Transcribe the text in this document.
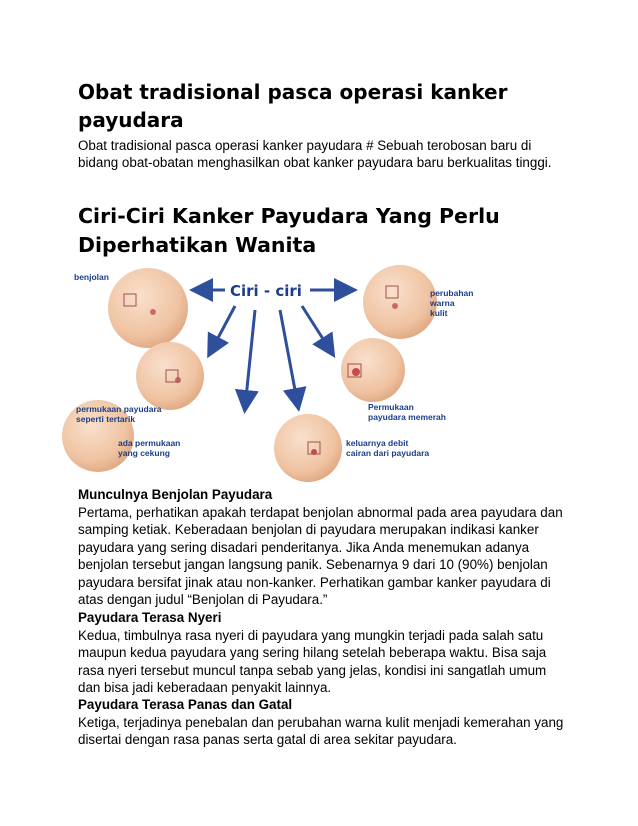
Obat tradisional pasca operasi kanker payudara

Obat tradisional pasca operasi kanker payudara # Sebuah terobosan baru di bidang obat-obatan menghasilkan obat kanker payudara baru berkualitas tinggi.

Ciri-Ciri Kanker Payudara Yang Perlu Diperhatikan Wanita
Ciri - ciri
benjolan
perubahan
warna
kulit
permukaan payudara
seperti tertarik
Permukaan
payudara memerah
ada permukaan
yang cekung
keluarnya debit
cairan dari payudara
Munculnya Benjolan Payudara

Pertama, perhatikan apakah terdapat benjolan abnormal pada area payudara dan samping ketiak. Keberadaan benjolan di payudara merupakan indikasi kanker payudara yang sering disadari penderitanya. Jika Anda menemukan adanya benjolan tersebut jangan langsung panik. Sebenarnya 9 dari 10 (90%) benjolan payudara bersifat jinak atau non-kanker. Perhatikan gambar kanker payudara di atas dengan judul “Benjolan di Payudara.”

Payudara Terasa Nyeri

Kedua, timbulnya rasa nyeri di payudara yang mungkin terjadi pada salah satu maupun kedua payudara yang sering hilang setelah beberapa waktu. Bisa saja rasa nyeri tersebut muncul tanpa sebab yang jelas, kondisi ini sangatlah umum dan bisa jadi keberadaan penyakit lainnya.

Payudara Terasa Panas dan Gatal

Ketiga, terjadinya penebalan dan perubahan warna kulit menjadi kemerahan yang disertai dengan rasa panas serta gatal di area sekitar payudara.
